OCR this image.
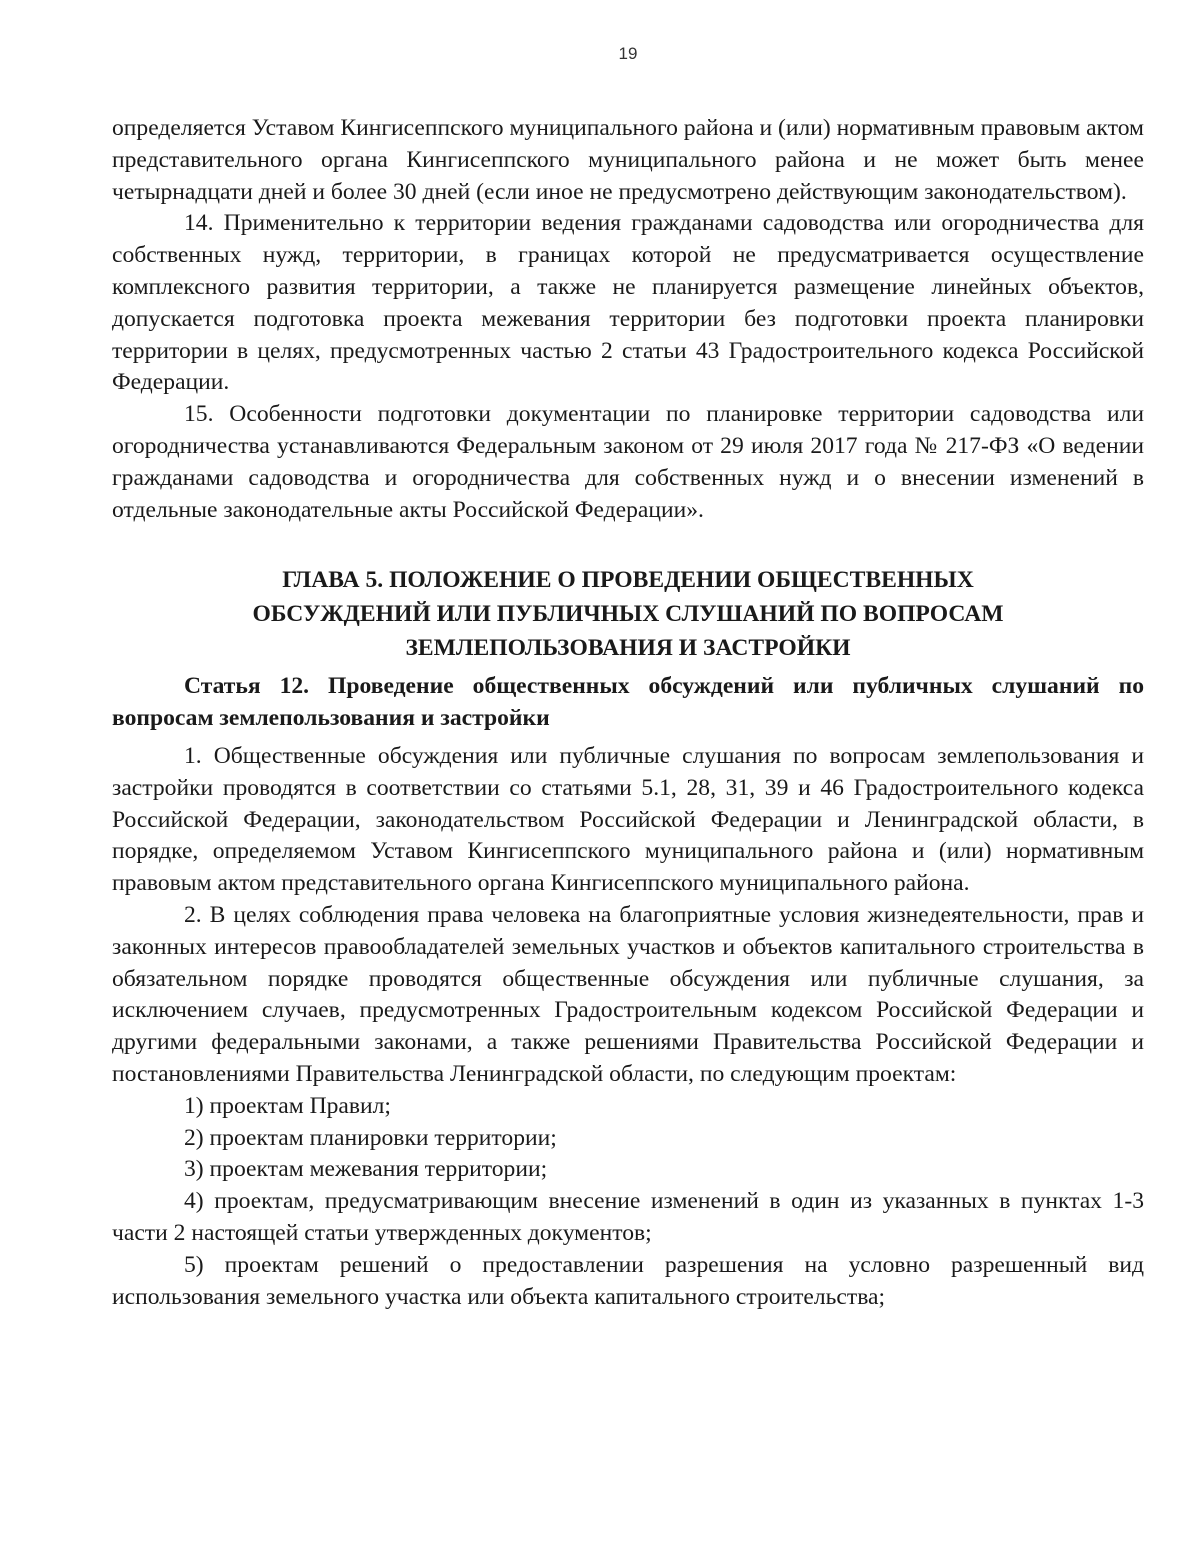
19

определяется Уставом Кингисеппского муниципального района и (или) нормативным правовым актом представительного органа Кингисеппского муниципального района и не может быть менее четырнадцати дней и более 30 дней (если иное не предусмотрено действующим законодательством).

14. Применительно к территории ведения гражданами садоводства или огородничества для собственных нужд, территории, в границах которой не предусматривается осуществление комплексного развития территории, а также не планируется размещение линейных объектов, допускается подготовка проекта межевания территории без подготовки проекта планировки территории в целях, предусмотренных частью 2 статьи 43 Градостроительного кодекса Российской Федерации.

15. Особенности подготовки документации по планировке территории садоводства или огородничества устанавливаются Федеральным законом от 29 июля 2017 года № 217-ФЗ «О ведении гражданами садоводства и огородничества для собственных нужд и о внесении изменений в отдельные законодательные акты Российской Федерации».

ГЛАВА 5. ПОЛОЖЕНИЕ О ПРОВЕДЕНИИ ОБЩЕСТВЕННЫХ
ОБСУЖДЕНИЙ ИЛИ ПУБЛИЧНЫХ СЛУШАНИЙ ПО ВОПРОСАМ
ЗЕМЛЕПОЛЬЗОВАНИЯ И ЗАСТРОЙКИ

Статья 12. Проведение общественных обсуждений или публичных слушаний по вопросам землепользования и застройки

1. Общественные обсуждения или публичные слушания по вопросам землепользования и застройки проводятся в соответствии со статьями 5.1, 28, 31, 39 и 46 Градостроительного кодекса Российской Федерации, законодательством Российской Федерации и Ленинградской области, в порядке, определяемом Уставом Кингисеппского муниципального района и (или) нормативным правовым актом представительного органа Кингисеппского муниципального района.

2. В целях соблюдения права человека на благоприятные условия жизнедеятельности, прав и законных интересов правообладателей земельных участков и объектов капитального строительства в обязательном порядке проводятся общественные обсуждения или публичные слушания, за исключением случаев, предусмотренных Градостроительным кодексом Российской Федерации и другими федеральными законами, а также решениями Правительства Российской Федерации и постановлениями Правительства Ленинградской области, по следующим проектам:

1) проектам Правил;

2) проектам планировки территории;

3) проектам межевания территории;

4) проектам, предусматривающим внесение изменений в один из указанных в пунктах 1-3 части 2 настоящей статьи утвержденных документов;

5) проектам решений о предоставлении разрешения на условно разрешенный вид использования земельного участка или объекта капитального строительства;
